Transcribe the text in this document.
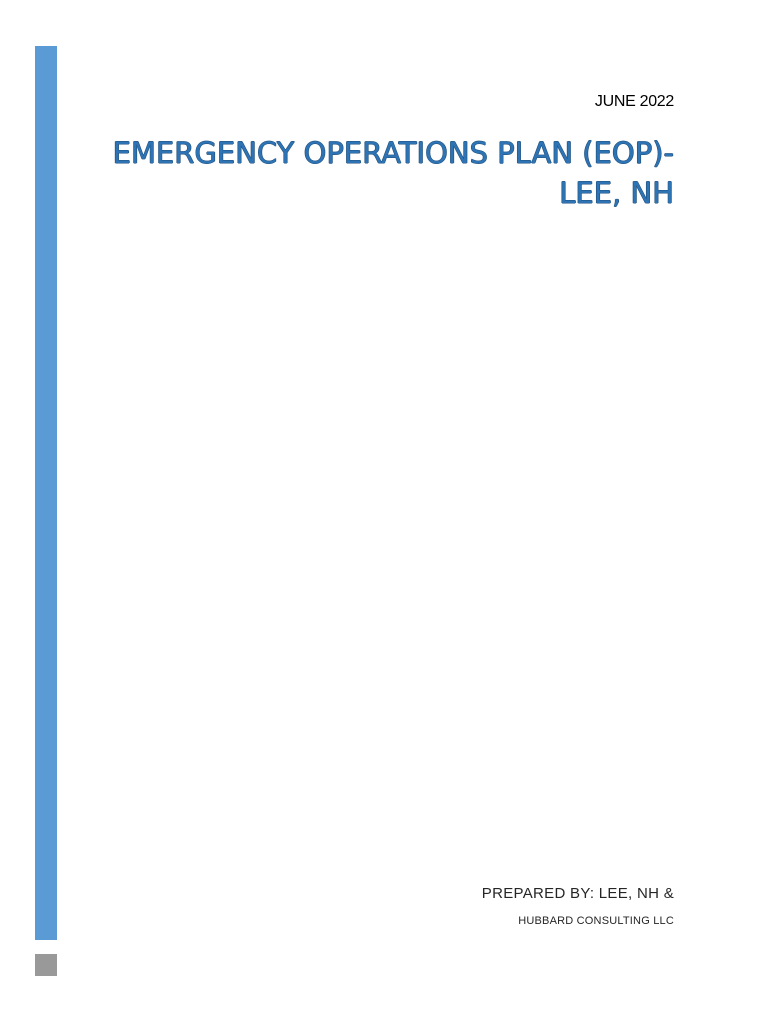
JUNE 2022
EMERGENCY OPERATIONS PLAN (EOP)- LEE, NH
PREPARED BY: LEE, NH &
HUBBARD CONSULTING LLC
